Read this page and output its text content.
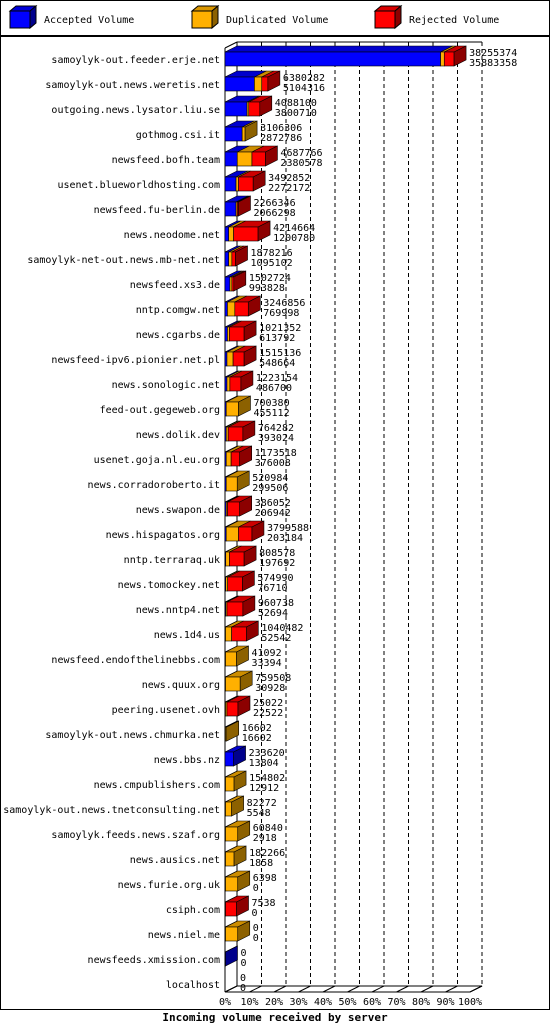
Accepted Volume	Duplicated Volume	Rejected Volume
0% 10% 20% 30% 40% 50% 60% 70% 80% 90% 100%
Incoming volume received by server
samoylyk-out.feeder.erje.net
38255374
35883358
samoylyk-out.news.weretis.net
6380282
5104316
outgoing.news.lysator.liu.se
4088100
3800710
gothmog.csi.it
3106306
2872786
newsfeed.bofh.team
4687766
2380578
usenet.blueworldhosting.com
3492852
2272172
newsfeed.fu-berlin.de
2266346
2066298
news.neodome.net
4214664
1200780
samoylyk-net-out.news.mb-net.net
1878216
1095102
newsfeed.xs3.de
1502724
993828
nntp.comgw.net
3246856
769998
news.cgarbs.de
1021352
613792
newsfeed-ipv6.pionier.net.pl
1515136
548664
news.sonologic.net
1223154
486700
feed-out.gegeweb.org
700380
455112
news.dolik.dev
764282
393024
usenet.goja.nl.eu.org
1173518
376008
news.corradoroberto.it
520984
299506
news.swapon.de
386052
206942
news.hispagatos.org
3799588
203184
nntp.terraraq.uk
808578
197692
news.tomockey.net
574990
76710
news.nntp4.net
960738
52694
news.1d4.us
1040482
52542
newsfeed.endofthelinebbs.com
41092
33394
news.quux.org
759508
30928
peering.usenet.ovh
25022
22522
samoylyk-out.news.chmurka.net
16602
16602
news.bbs.nz
233620
13804
news.cmpublishers.com
154802
12912
samoylyk-out.news.tnetconsulting.net
82272
5548
samoylyk.feeds.news.szaf.org
60840
2918
news.ausics.net
182266
1858
news.furie.org.uk
6398
0
csiph.com
7538
0
news.niel.me
0
0
newsfeeds.xmission.com
0
0
localhost
0
0
